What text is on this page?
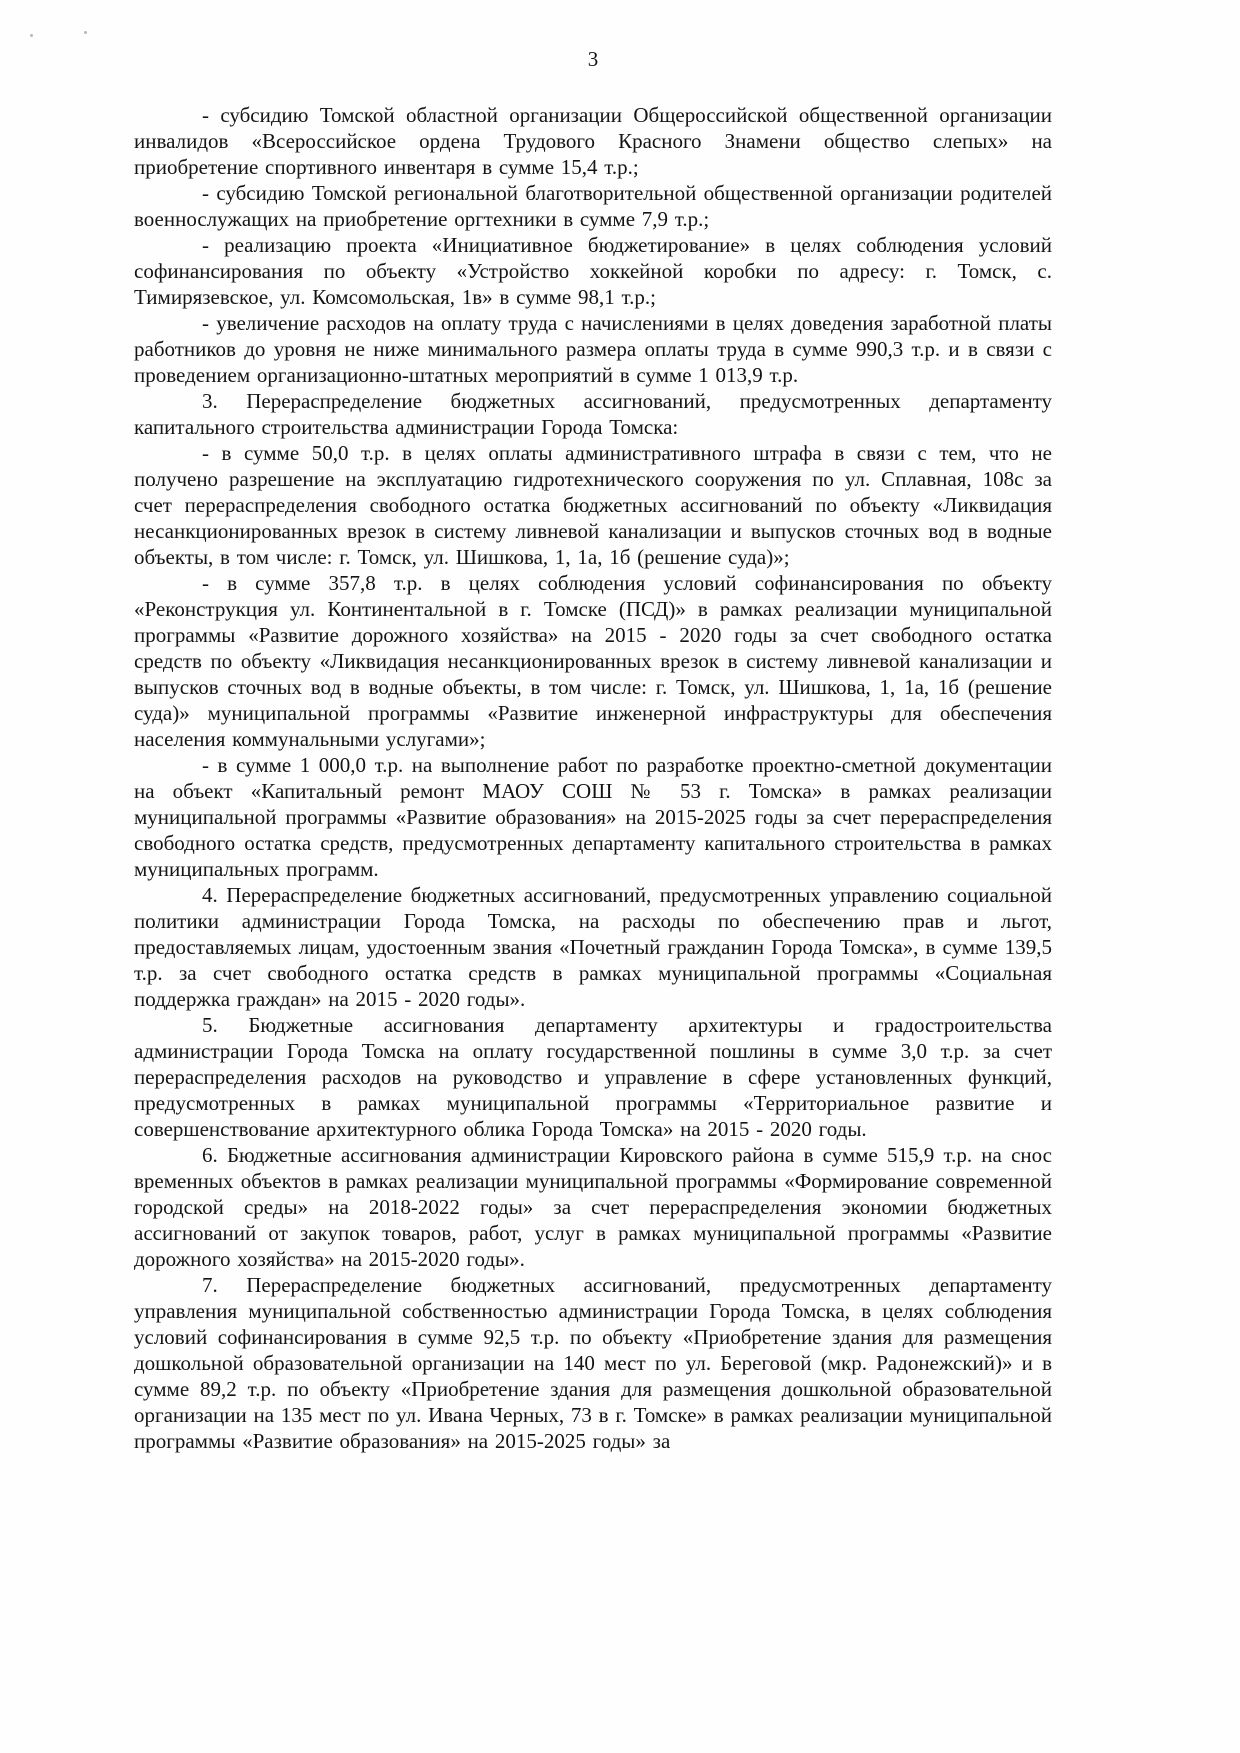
3

- субсидию Томской областной организации Общероссийской общественной организации инвалидов «Всероссийское ордена Трудового Красного Знамени общество слепых» на приобретение спортивного инвентаря в сумме 15,4 т.р.;

- субсидию Томской региональной благотворительной общественной организации родителей военнослужащих на приобретение оргтехники в сумме 7,9 т.р.;

- реализацию проекта «Инициативное бюджетирование» в целях соблюдения условий софинансирования по объекту «Устройство хоккейной коробки по адресу: г. Томск, с. Тимирязевское, ул. Комсомольская, 1в» в сумме 98,1 т.р.;

- увеличение расходов на оплату труда с начислениями в целях доведения заработной платы работников до уровня не ниже минимального размера оплаты труда в сумме 990,3 т.р. и в связи с проведением организационно-штатных мероприятий в сумме 1 013,9 т.р.

3. Перераспределение бюджетных ассигнований, предусмотренных департаменту капитального строительства администрации Города Томска:

- в сумме 50,0 т.р. в целях оплаты административного штрафа в связи с тем, что не получено разрешение на эксплуатацию гидротехнического сооружения по ул. Сплавная, 108с за счет перераспределения свободного остатка бюджетных ассигнований по объекту «Ликвидация несанкционированных врезок в систему ливневой канализации и выпусков сточных вод в водные объекты, в том числе: г. Томск, ул. Шишкова, 1, 1а, 1б (решение суда)»;

- в сумме 357,8 т.р. в целях соблюдения условий софинансирования по объекту «Реконструкция ул. Континентальной в г. Томске (ПСД)» в рамках реализации муниципальной программы «Развитие дорожного хозяйства» на 2015 - 2020 годы за счет свободного остатка средств по объекту «Ликвидация несанкционированных врезок в систему ливневой канализации и выпусков сточных вод в водные объекты, в том числе: г. Томск, ул. Шишкова, 1, 1а, 1б (решение суда)» муниципальной программы «Развитие инженерной инфраструктуры для обеспечения населения коммунальными услугами»;

- в сумме 1 000,0 т.р. на выполнение работ по разработке проектно-сметной документации на объект «Капитальный ремонт МАОУ СОШ № 53 г. Томска» в рамках реализации муниципальной программы «Развитие образования» на 2015-2025 годы за счет перераспределения свободного остатка средств, предусмотренных департаменту капитального строительства в рамках муниципальных программ.

4. Перераспределение бюджетных ассигнований, предусмотренных управлению социальной политики администрации Города Томска, на расходы по обеспечению прав и льгот, предоставляемых лицам, удостоенным звания «Почетный гражданин Города Томска», в сумме 139,5 т.р. за счет свободного остатка средств в рамках муниципальной программы «Социальная поддержка граждан» на 2015 - 2020 годы».

5. Бюджетные ассигнования департаменту архитектуры и градостроительства администрации Города Томска на оплату государственной пошлины в сумме 3,0 т.р. за счет перераспределения расходов на руководство и управление в сфере установленных функций, предусмотренных в рамках муниципальной программы «Территориальное развитие и совершенствование архитектурного облика Города Томска» на 2015 - 2020 годы.

6. Бюджетные ассигнования администрации Кировского района в сумме 515,9 т.р. на снос временных объектов в рамках реализации муниципальной программы «Формирование современной городской среды» на 2018-2022 годы» за счет перераспределения экономии бюджетных ассигнований от закупок товаров, работ, услуг в рамках муниципальной программы «Развитие дорожного хозяйства» на 2015-2020 годы».

7. Перераспределение бюджетных ассигнований, предусмотренных департаменту управления муниципальной собственностью администрации Города Томска, в целях соблюдения условий софинансирования в сумме 92,5 т.р. по объекту «Приобретение здания для размещения дошкольной образовательной организации на 140 мест по ул. Береговой (мкр. Радонежский)» и в сумме 89,2 т.р. по объекту «Приобретение здания для размещения дошкольной образовательной организации на 135 мест по ул. Ивана Черных, 73 в г. Томске» в рамках реализации муниципальной программы «Развитие образования» на 2015-2025 годы» за
